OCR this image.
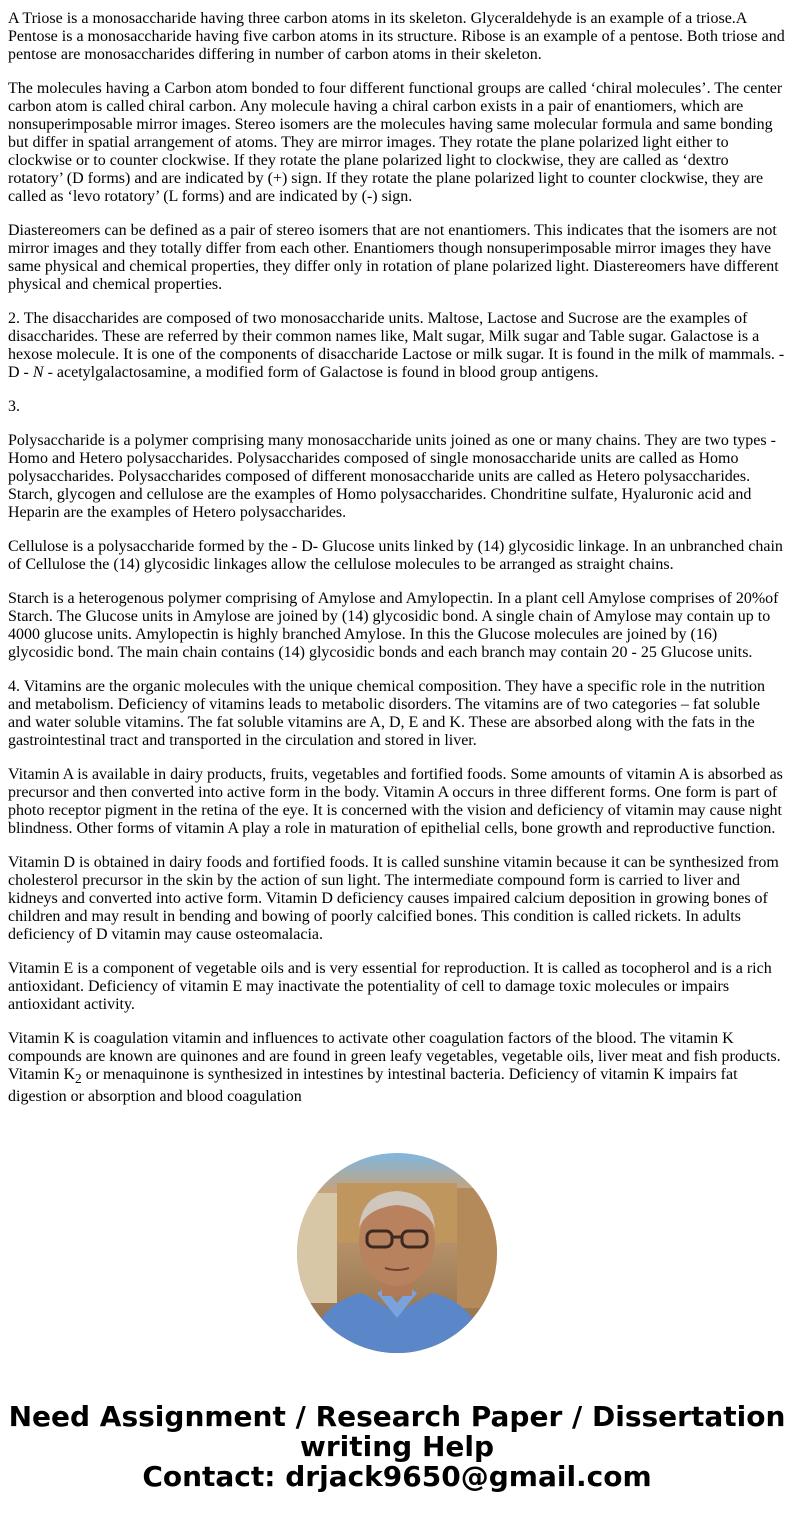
A Triose is a monosaccharide having three carbon atoms in its skeleton. Glyceraldehyde is an example of a triose.A Pentose is a monosaccharide having five carbon atoms in its structure. Ribose is an example of a pentose. Both triose and pentose are monosaccharides differing in number of carbon atoms in their skeleton.

The molecules having a Carbon atom bonded to four different functional groups are called ‘chiral molecules’. The center carbon atom is called chiral carbon. Any molecule having a chiral carbon exists in a pair of enantiomers, which are nonsuperimposable mirror images. Stereo isomers are the molecules having same molecular formula and same bonding but differ in spatial arrangement of atoms. They are mirror images. They rotate the plane polarized light either to clockwise or to counter clockwise. If they rotate the plane polarized light to clockwise, they are called as ‘dextro rotatory’ (D forms) and are indicated by (+) sign. If they rotate the plane polarized light to counter clockwise, they are called as ‘levo rotatory’ (L forms) and are indicated by (-) sign.

Diastereomers can be defined as a pair of stereo isomers that are not enantiomers. This indicates that the isomers are not mirror images and they totally differ from each other. Enantiomers though nonsuperimposable mirror images they have same physical and chemical properties, they differ only in rotation of plane polarized light. Diastereomers have different physical and chemical properties.

2. The disaccharides are composed of two monosaccharide units. Maltose, Lactose and Sucrose are the examples of disaccharides. These are referred by their common names like, Malt sugar, Milk sugar and Table sugar. Galactose is a hexose molecule. It is one of the components of disaccharide Lactose or milk sugar. It is found in the milk of mammals. - D - N - acetylgalactosamine, a modified form of Galactose is found in blood group antigens.

3.

Polysaccharide is a polymer comprising many monosaccharide units joined as one or many chains. They are two types - Homo and Hetero polysaccharides. Polysaccharides composed of single monosaccharide units are called as Homo polysaccharides. Polysaccharides composed of different monosaccharide units are called as Hetero polysaccharides. Starch, glycogen and cellulose are the examples of Homo polysaccharides. Chondritine sulfate, Hyaluronic acid and Heparin are the examples of Hetero polysaccharides.

Cellulose is a polysaccharide formed by the - D- Glucose units linked by (14) glycosidic linkage. In an unbranched chain of Cellulose the (14) glycosidic linkages allow the cellulose molecules to be arranged as straight chains.

Starch is a heterogenous polymer comprising of Amylose and Amylopectin. In a plant cell Amylose comprises of 20%of Starch. The Glucose units in Amylose are joined by (14) glycosidic bond. A single chain of Amylose may contain up to 4000 glucose units. Amylopectin is highly branched Amylose. In this the Glucose molecules are joined by (16) glycosidic bond. The main chain contains (14) glycosidic bonds and each branch may contain 20 - 25 Glucose units.

4. Vitamins are the organic molecules with the unique chemical composition. They have a specific role in the nutrition and metabolism. Deficiency of vitamins leads to metabolic disorders. The vitamins are of two categories – fat soluble and water soluble vitamins. The fat soluble vitamins are A, D, E and K. These are absorbed along with the fats in the gastrointestinal tract and transported in the circulation and stored in liver.

Vitamin A is available in dairy products, fruits, vegetables and fortified foods. Some amounts of vitamin A is absorbed as precursor and then converted into active form in the body. Vitamin A occurs in three different forms. One form is part of photo receptor pigment in the retina of the eye. It is concerned with the vision and deficiency of vitamin may cause night blindness. Other forms of vitamin A play a role in maturation of epithelial cells, bone growth and reproductive function.

Vitamin D is obtained in dairy foods and fortified foods. It is called sunshine vitamin because it can be synthesized from cholesterol precursor in the skin by the action of sun light. The intermediate compound form is carried to liver and kidneys and converted into active form. Vitamin D deficiency causes impaired calcium deposition in growing bones of children and may result in bending and bowing of poorly calcified bones. This condition is called rickets. In adults deficiency of D vitamin may cause osteomalacia.

Vitamin E is a component of vegetable oils and is very essential for reproduction. It is called as tocopherol and is a rich antioxidant. Deficiency of vitamin E may inactivate the potentiality of cell to damage toxic molecules or impairs antioxidant activity.

Vitamin K is coagulation vitamin and influences to activate other coagulation factors of the blood. The vitamin K compounds are known are quinones and are found in green leafy vegetables, vegetable oils, liver meat and fish products. Vitamin $K_2$ or menaquinone is synthesized in intestines by intestinal bacteria. Deficiency of vitamin K impairs fat digestion or absorption and blood coagulation

Need Assignment / Research Paper / Dissertation
writing Help
Contact: drjack9650@gmail.com
